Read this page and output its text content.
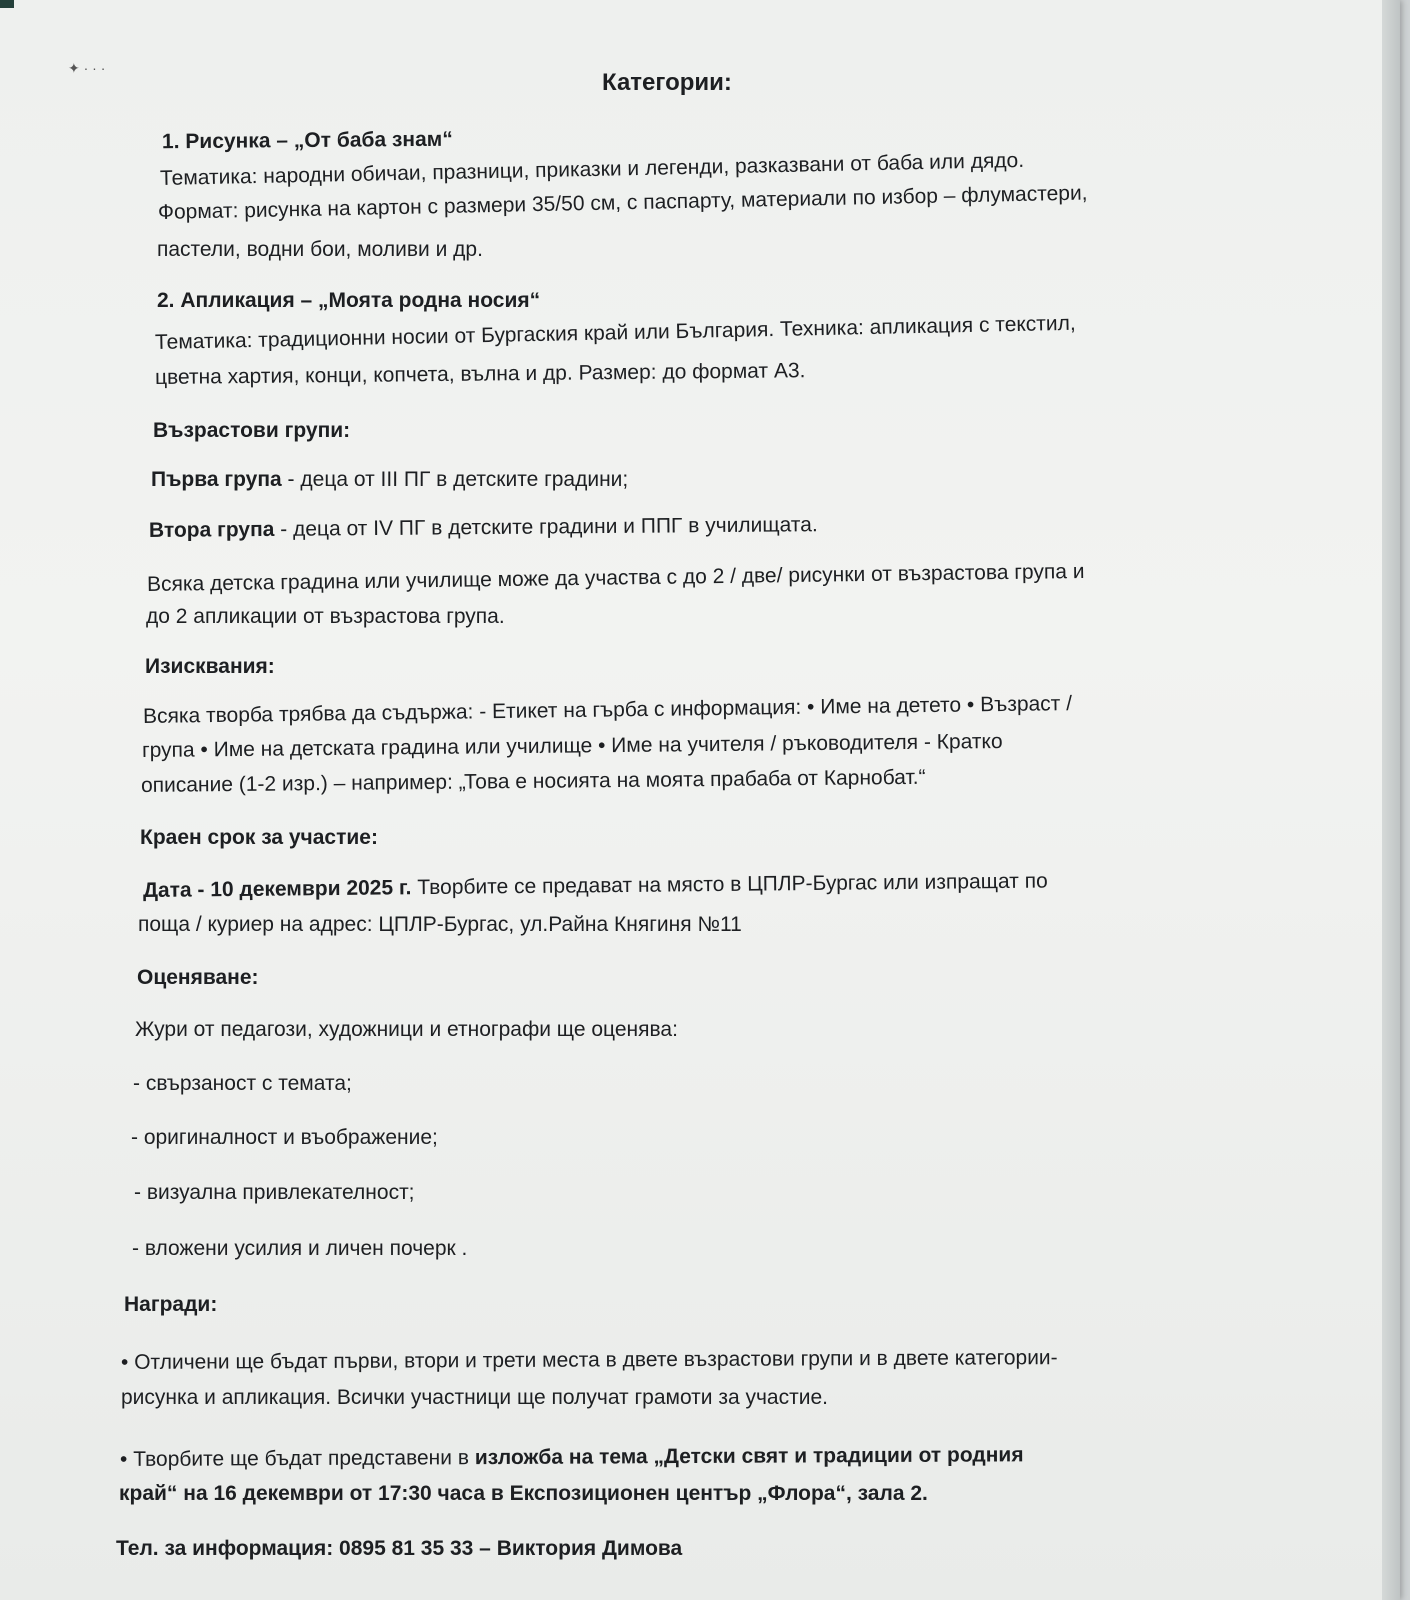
✦ · · ·
Категории:
1. Рисунка – „От баба знам“
Тематика: народни обичаи, празници, приказки и легенди, разказвани от баба или дядо.
Формат: рисунка на картон с размери 35/50 см, с паспарту, материали по избор – флумастери,
пастели, водни бои, моливи и др.
2. Апликация – „Моята родна носия“
Тематика: традиционни носии от Бургаския край или България. Техника: апликация с текстил,
цветна хартия, конци, копчета, вълна и др. Размер: до формат А3.
Възрастови групи:
Първа група - деца от III ПГ в детските градини;
Втора група - деца от IV ПГ в детските градини и ППГ в училищата.
Всяка детска градина или училище може да участва с до 2 / две/ рисунки от възрастова група и
до 2 апликации от възрастова група.
Изисквания:
Всяка творба трябва да съдържа: - Етикет на гърба с информация: • Име на детето • Възраст /
група • Име на детската градина или училище • Име на учителя / ръководителя - Кратко
описание (1-2 изр.) – например: „Това е носията на моята прабаба от Карнобат.“
Краен срок за участие:
Дата - 10 декември 2025 г. Творбите се предават на място в ЦПЛР-Бургас или изпращат по
поща / куриер на адрес: ЦПЛР-Бургас, ул.Райна Княгиня №11
Оценяване:
Жури от педагози, художници и етнографи ще оценява:
- свързаност с темата;
- оригиналност и въображение;
- визуална привлекателност;
- вложени усилия и личен почерк .
Награди:
• Отличени ще бъдат първи, втори и трети места в двете възрастови групи и в двете категории-
рисунка и апликация. Всички участници ще получат грамоти за участие.
• Творбите ще бъдат представени в изложба на тема „Детски свят и традиции от родния
край“ на 16 декември от 17:30 часа в Експозиционен център „Флора“, зала 2.
Тел. за информация: 0895 81 35 33 – Виктория Димова
